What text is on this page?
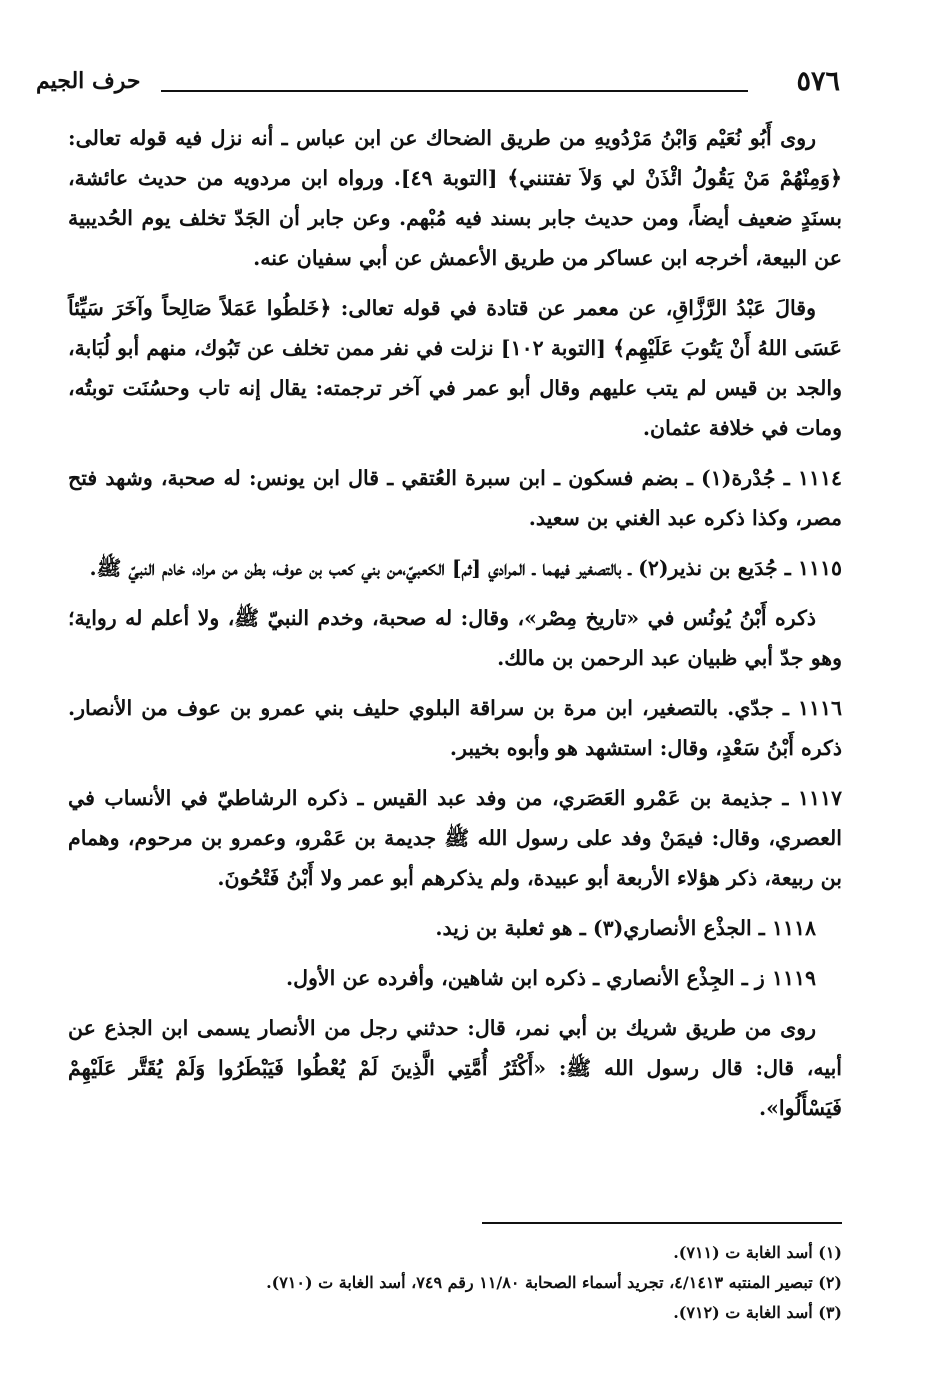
٥٧٦
حرف الجيم

روى أَبُو نُعَيْم وَابْنُ مَرْدُويهِ من طريق الضحاك عن ابن عباس ـ أنه نزل فيه قوله تعالى: ﴿وَمِنْهُمْ مَنْ يَقُولُ ائْذَنْ لي وَلاَ تفتنني﴾ [التوبة ٤٩]. ورواه ابن مردويه من حديث عائشة، بسنَدٍ ضعيف أيضاً، ومن حديث جابر بسند فيه مُبْهم. وعن جابر أن الجَدّ تخلف يوم الحُديبية عن البيعة، أخرجه ابن عساكر من طريق الأعمش عن أبي سفيان عنه.

وقالَ عَبْدُ الرَّزَّاقِ، عن معمر عن قتادة في قوله تعالى: ﴿خَلطُوا عَمَلاً صَالِحاً وآخَرَ سَيِّئاً عَسَى اللهُ أَنْ يَتُوبَ عَلَيْهِم﴾ [التوبة ١٠٢] نزلت في نفر ممن تخلف عن تَبُوك، منهم أبو لُبَابة، والجد بن قيس لم يتب عليهم وقال أبو عمر في آخر ترجمته: يقال إنه تاب وحسُنَت توبتُه، ومات في خلافة عثمان.

١١١٤ ـ جُدْرة(١) ـ بضم فسكون ـ ابن سبرة العُتقي ـ قال ابن يونس: له صحبة، وشهد فتح مصر، وكذا ذكره عبد الغني بن سعيد.

١١١٥ ـ جُدَيع بن نذير(٢) ـ بالتصغير فيهما ـ المرادي [ثم] الكعبيّ،من بني كعب بن عوف، بطن من مراد، خادم النبيّ ﷺ.

ذكره أَبْنُ يُونُس في «تاريخ مِصْر»، وقال: له صحبة، وخدم النبيّ ﷺ، ولا أعلم له رواية؛ وهو جدّ أبي ظبيان عبد الرحمن بن مالك.

١١١٦ ـ جدّي. بالتصغير، ابن مرة بن سراقة البلوي حليف بني عمرو بن عوف من الأنصار. ذكره أَبْنُ سَعْدٍ، وقال: استشهد هو وأبوه بخيبر.

١١١٧ ـ جذيمة بن عَمْرو العَصَري، من وفد عبد القيس ـ ذكره الرشاطيّ في الأنساب في العصري، وقال: فيمَنْ وفد على رسول الله ﷺ جديمة بن عَمْرو، وعمرو بن مرحوم، وهمام بن ربيعة، ذكر هؤلاء الأربعة أبو عبيدة، ولم يذكرهم أبو عمر ولا أَبْنُ فَتْحُونَ.

١١١٨ ـ الجذْع الأنصاري(٣) ـ هو ثعلبة بن زيد.

١١١٩ ز ـ الجِذْع الأنصاري ـ ذكره ابن شاهين، وأفرده عن الأول.

روى من طريق شريك بن أبي نمر، قال: حدثني رجل من الأنصار يسمى ابن الجذع عن أبيه، قال: قال رسول الله ﷺ: «أَكْثَرُ أُمَّتِي الَّذِينَ لَمْ يُعْطُوا فَيَبْطَرُوا وَلَمْ يُقَتَّر عَلَيْهِمْ فَيَسْأَلُوا».

(١) أسد الغابة ت (٧١١).

(٢) تبصير المنتبه ٤/١٤١٣، تجريد أسماء الصحابة ١١/٨٠ رقم ٧٤٩، أسد الغابة ت (٧١٠).

(٣) أسد الغابة ت (٧١٢).
